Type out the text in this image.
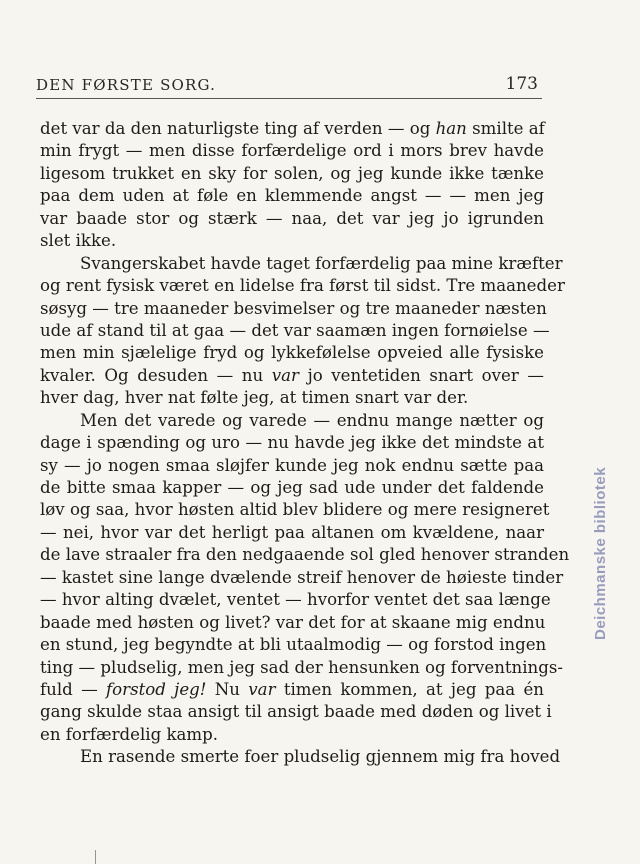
DEN FØRSTE SORG.	173
det var da den naturligste ting af verden — og han smilte af
min frygt — men disse forfærdelige ord i mors brev havde
ligesom trukket en sky for solen, og jeg kunde ikke tænke
paa dem uden at føle en klemmende angst — — men jeg
var baade stor og stærk — naa, det var jeg jo igrunden
slet ikke.
Svangerskabet havde taget forfærdelig paa mine kræfter
og rent fysisk været en lidelse fra først til sidst. Tre maaneder
søsyg — tre maaneder besvimelser og tre maaneder næsten
ude af stand til at gaa — det var saamæn ingen fornøielse —
men min sjælelige fryd og lykkefølelse opveied alle fysiske
kvaler. Og desuden — nu var jo ventetiden snart over —
hver dag, hver nat følte jeg, at timen snart var der.
Men det varede og varede — endnu mange nætter og
dage i spænding og uro — nu havde jeg ikke det mindste at
sy — jo nogen smaa sløjfer kunde jeg nok endnu sætte paa
de bitte smaa kapper — og jeg sad ude under det faldende
løv og saa, hvor høsten altid blev blidere og mere resigneret
— nei, hvor var det herligt paa altanen om kvældene, naar
de lave straaler fra den nedgaaende sol gled henover stranden
— kastet sine lange dvælende streif henover de høieste tinder
— hvor alting dvælet, ventet — hvorfor ventet det saa længe
baade med høsten og livet? var det for at skaane mig endnu
en stund, jeg begyndte at bli utaalmodig — og forstod ingen
ting — pludselig, men jeg sad der hensunken og forventnings-
fuld — forstod jeg! Nu var timen kommen, at jeg paa én
gang skulde staa ansigt til ansigt baade med døden og livet i
en forfærdelig kamp.
En rasende smerte foer pludselig gjennem mig fra hoved
Deichmanske bibliotek
